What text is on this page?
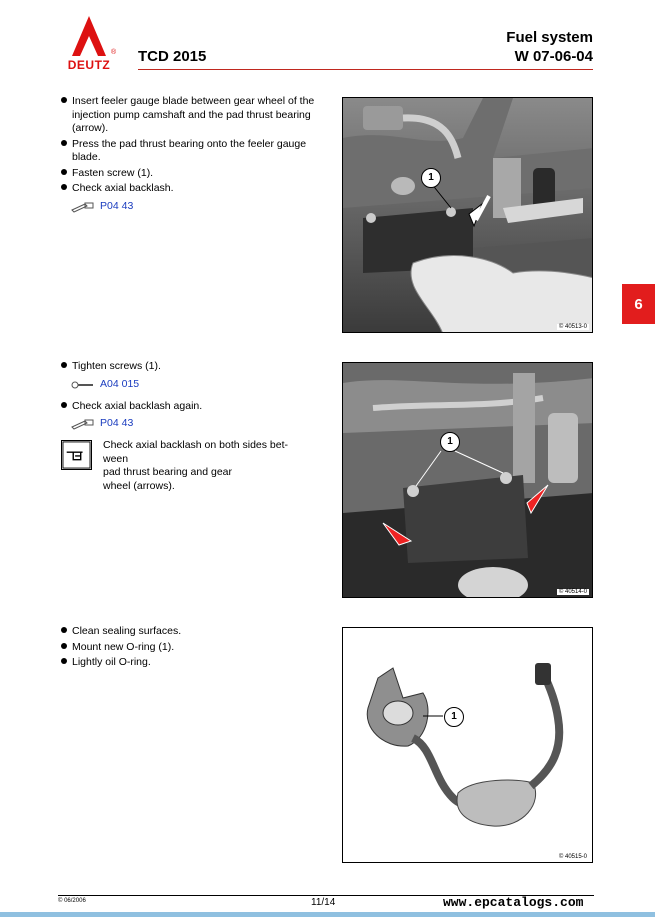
DEUTZ
® TCD 2015
Fuel system
W 07-06-04
6
Insert feeler gauge blade between gear wheel of the injection pump camshaft and the pad thrust bearing (arrow).
Press the pad thrust bearing onto the feeler gauge blade.
Fasten screw (1).
Check axial backlash.
P04 43
1
© 40513-0
Tighten screws (1).
A04 015
Check axial backlash again.
P04 43
Check axial backlash on both sides bet-
ween
pad thrust bearing and gear
wheel (arrows).
1
© 40514-0
Clean sealing surfaces.
Mount new O-ring (1).
Lightly oil O-ring.
1
© 40515-0
© 06/2006	11/14	www.epcatalogs.com
